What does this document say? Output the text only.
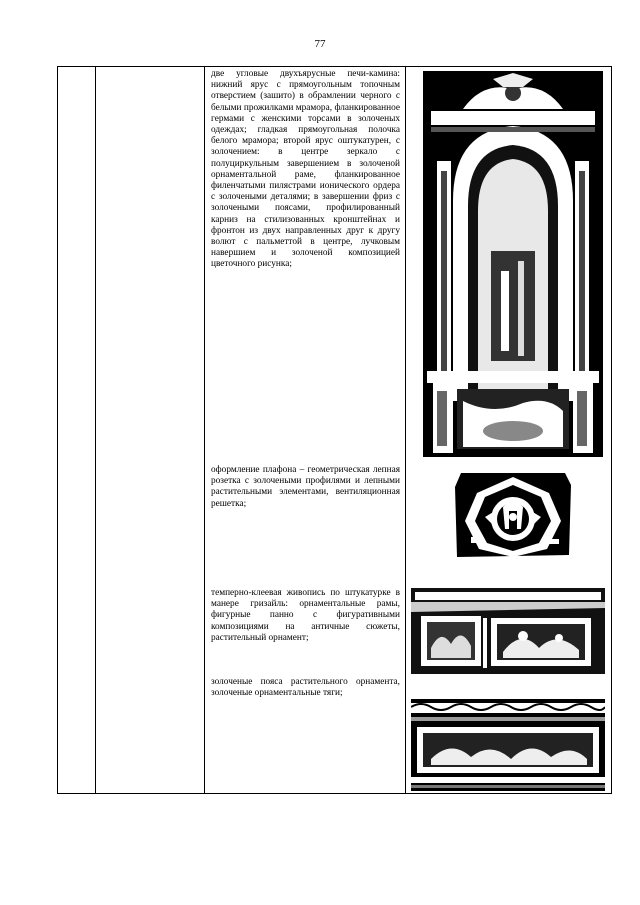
77

две угловые двухъярусные печи-камина: нижний ярус с прямоугольным топочным отверстием (зашито) в обрамлении черного с белыми прожилками мрамора, фланкированное гермами с женскими торсами в золоченых одеждах; гладкая прямоугольная полочка белого мрамора; второй ярус оштукатурен, с золочением: в центре зеркало с полуциркульным завершением в золоченой орнаментальной раме, фланкированное филенчатыми пилястрами ионического ордера с золочеными деталями; в завершении фриз с золочеными поясами, профилированный карниз на стилизованных кронштейнах и фронтон из двух направленных друг к другу волют с пальметтой в центре, лучковым навершием и золоченой композицией цветочного рисунка;
оформление плафона – геометрическая лепная розетка с золочеными профилями и лепными растительными элементами, вентиляционная решетка;
темперно-клеевая живопись по штукатурке в манере гризайль: орнаментальные рамы, фигурные панно с фигуративными композициями на античные сюжеты, растительный орнамент;
золоченые пояса растительного орнамента, золоченые орнаментальные тяги;
